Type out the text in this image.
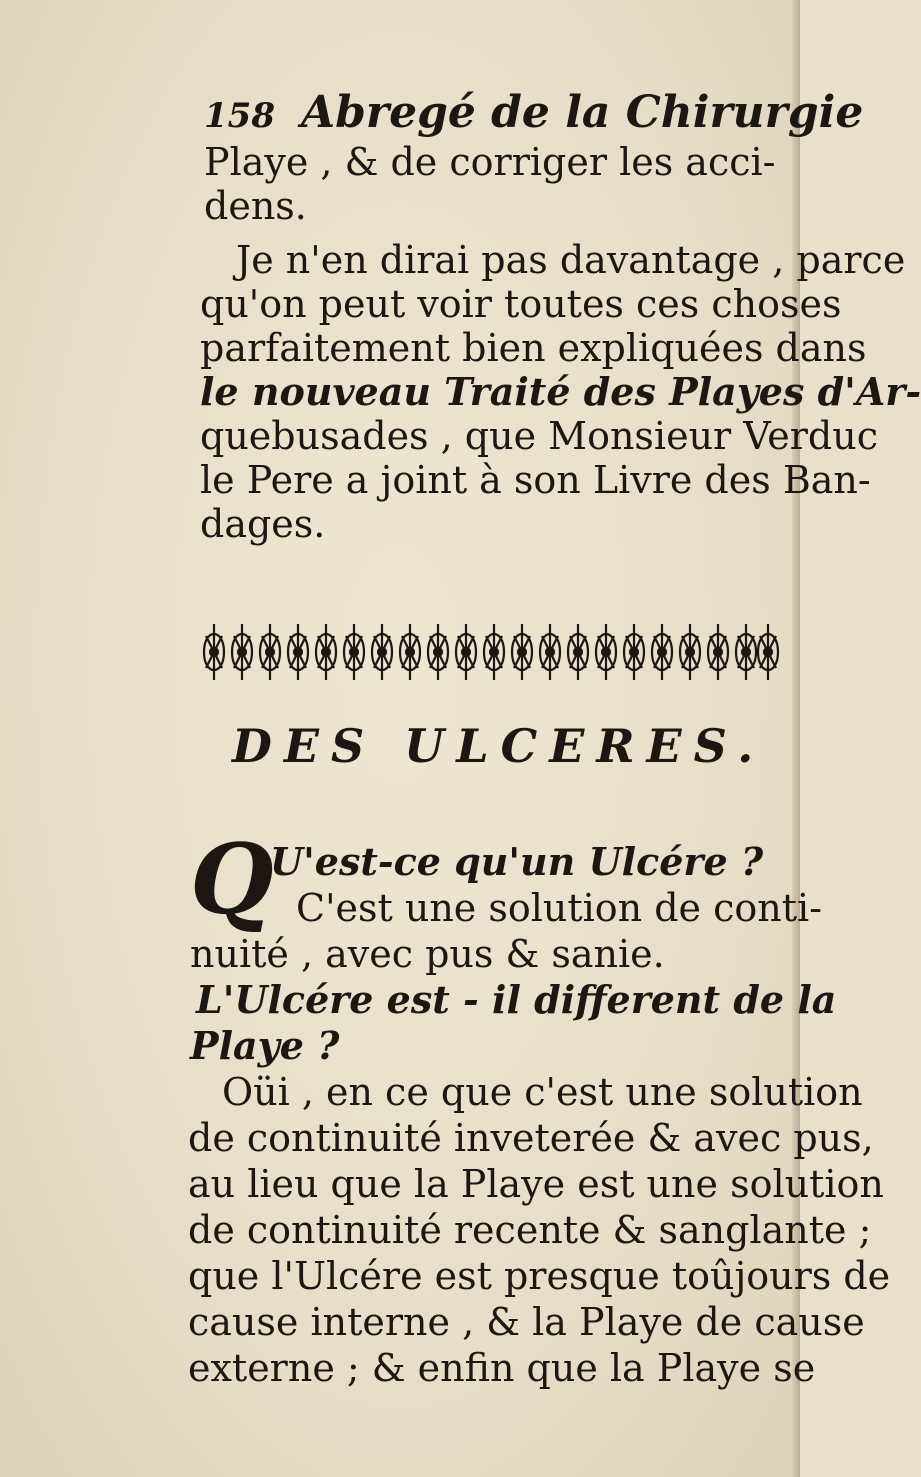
158 Abregé de la Chirurgie
Playe , & de corriger les acci-
dens.
Je n'en dirai pas davantage , parce
qu'on peut voir toutes ces choses
parfaitement bien expliquées dans
le nouveau Traité des Playes d'Ar-
quebusades , que Monsieur Verduc
le Pere a joint à son Livre des Ban-
dages.
DES ULCERES.
Q
U'est-ce qu'un Ulcére ?
C'est une solution de conti-
nuité , avec pus & sanie.
L'Ulcére est - il different de la
Playe ?
Oüi , en ce que c'est une solution
de continuité inveterée & avec pus,
au lieu que la Playe est une solution
de continuité recente & sanglante ;
que l'Ulcére est presque toûjours de
cause interne , & la Playe de cause
externe ; & enfin que la Playe se
